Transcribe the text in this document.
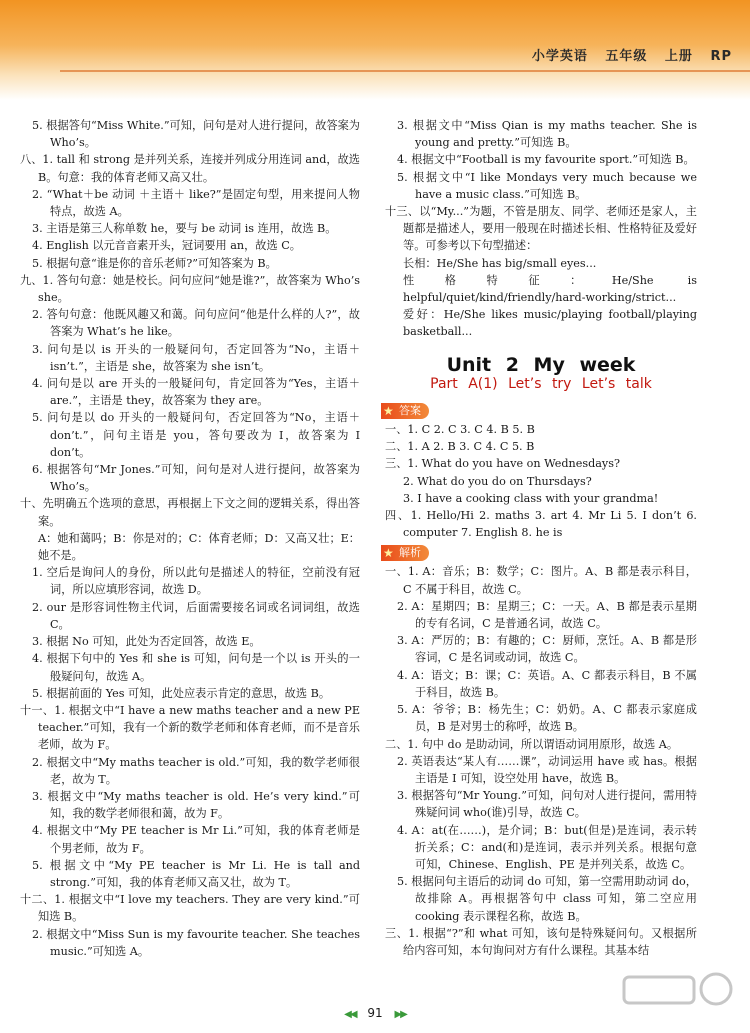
小学英语 五年级 上册 RP

5. 根据答句“Miss White.”可知，问句是对人进行提问，故答案为 Who’s。

八、1. tall 和 strong 是并列关系，连接并列成分用连词 and，故选 B。句意：我的体育老师又高又壮。

2. “What＋be 动词 ＋主语＋ like?”是固定句型，用来提问人物特点，故选 A。

3. 主语是第三人称单数 he，要与 be 动词 is 连用，故选 B。

4. English 以元音音素开头，冠词要用 an，故选 C。

5. 根据句意“谁是你的音乐老师?”可知答案为 B。

九、1. 答句句意：她是校长。问句应问“她是谁?”，故答案为 Who’s she。

2. 答句句意：他既风趣又和蔼。问句应问“他是什么样的人?”，故答案为 What’s he like。

3. 问句是以 is 开头的一般疑问句，否定回答为“No，主语＋isn’t.”，主语是 she，故答案为 she isn’t。

4. 问句是以 are 开头的一般疑问句，肯定回答为“Yes，主语＋are.”，主语是 they，故答案为 they are。

5. 问句是以 do 开头的一般疑问句，否定回答为“No，主语＋don’t.”，问句主语是 you，答句要改为 I，故答案为 I don’t。

6. 根据答句“Mr Jones.”可知，问句是对人进行提问，故答案为 Who’s。

十、先明确五个选项的意思，再根据上下文之间的逻辑关系，得出答案。

A：她和蔼吗；B：你是对的；C：体育老师；D：又高又壮；E：她不是。

1. 空后是询问人的身份，所以此句是描述人的特征，空前没有冠词，所以应填形容词，故选 D。

2. our 是形容词性物主代词，后面需要接名词或名词词组，故选 C。

3. 根据 No 可知，此处为否定回答，故选 E。

4. 根据下句中的 Yes 和 she is 可知，问句是一个以 is 开头的一般疑问句，故选 A。

5. 根据前面的 Yes 可知，此处应表示肯定的意思，故选 B。

十一、1. 根据文中“I have a new maths teacher and a new PE teacher.”可知，我有一个新的数学老师和体育老师，而不是音乐老师，故为 F。

2. 根据文中“My maths teacher is old.”可知，我的数学老师很老，故为 T。

3. 根据文中“My maths teacher is old. He’s very kind.”可知，我的数学老师很和蔼，故为 F。

4. 根据文中“My PE teacher is Mr Li.”可知，我的体育老师是个男老师，故为 F。

5. 根据文中“My PE teacher is Mr Li. He is tall and strong.”可知，我的体育老师又高又壮，故为 T。

十二、1. 根据文中“I love my teachers. They are very kind.”可知选 B。

2. 根据文中“Miss Sun is my favourite teacher. She teaches music.”可知选 A。

3. 根据文中“Miss Qian is my maths teacher. She is young and pretty.”可知选 B。

4. 根据文中“Football is my favourite sport.”可知选 B。

5. 根据文中“I like Mondays very much because we have a music class.”可知选 B。

十三、以“My...”为题，不管是朋友、同学、老师还是家人，主题都是描述人，要用一般现在时描述长相、性格特征及爱好等。可参考以下句型描述：

长相：He/She has big/small eyes...

性格特征：He/She is helpful/quiet/kind/friendly/hard-working/strict...

爱好：He/She likes music/playing football/playing basketball...

Unit 2 My week
Part A(1) Let’s try Let’s talk
★ 答案

一、1. C 2. C 3. C 4. B 5. B

二、1. A 2. B 3. C 4. C 5. B

三、1. What do you have on Wednesdays?

2. What do you do on Thursdays?

3. I have a cooking class with your grandma!

四、1. Hello/Hi 2. maths 3. art 4. Mr Li 5. I don’t 6. computer 7. English 8. he is

★ 解析

一、1. A：音乐；B：数学；C：图片。A、B 都是表示科目，C 不属于科目，故选 C。

2. A：星期四；B：星期三；C：一天。A、B 都是表示星期的专有名词，C 是普通名词，故选 C。

3. A：严厉的；B：有趣的；C：厨师，烹饪。A、B 都是形容词，C 是名词或动词，故选 C。

4. A：语文；B：课；C：英语。A、C 都表示科目，B 不属于科目，故选 B。

5. A：爷爷；B：杨先生；C：奶奶。A、C 都表示家庭成员，B 是对男士的称呼，故选 B。

二、1. 句中 do 是助动词，所以谓语动词用原形，故选 A。

2. 英语表达“某人有……课”，动词运用 have 或 has。根据主语是 I 可知，设空处用 have，故选 B。

3. 根据答句“Mr Young.”可知，问句对人进行提问，需用特殊疑问词 who(谁)引导，故选 C。

4. A：at(在……)，是介词；B：but(但是)是连词，表示转折关系；C：and(和)是连词，表示并列关系。根据句意可知，Chinese、English、PE 是并列关系，故选 C。

5. 根据问句主语后的动词 do 可知，第一空需用助动词 do，故排除 A。再根据答句中 class 可知，第二空应用 cooking 表示课程名称，故选 B。

三、1. 根据“?”和 what 可知，该句是特殊疑问句。又根据所给内容可知，本句询问对方有什么课程。其基本结

◀◀ 91 ▶▶
